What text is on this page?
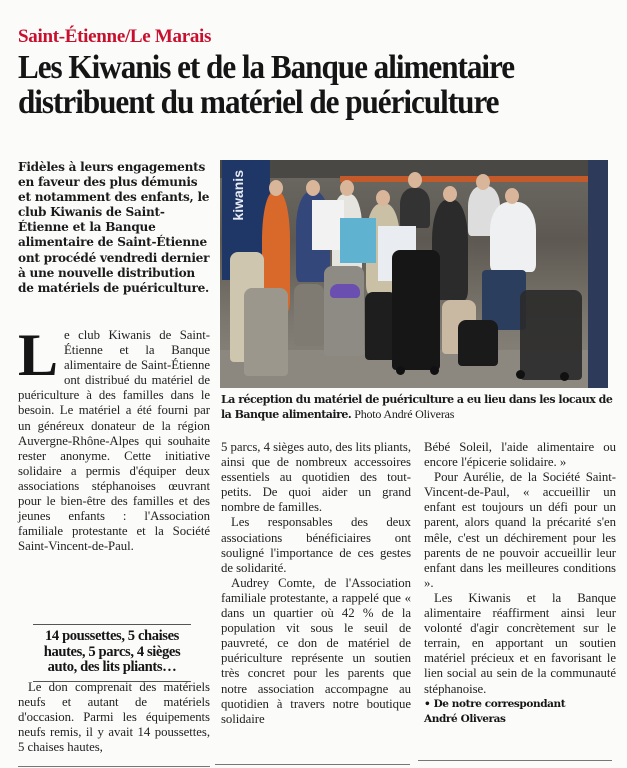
Saint-Étienne/Le Marais
Les Kiwanis et de la Banque alimentaire
distribuent du matériel de puériculture
Fidèles à leurs engagements en faveur des plus démunis et notamment des enfants, le club Kiwanis de Saint-Étienne et la Banque alimentaire de Saint-Étienne ont procédé vendredi dernier à une nouvelle distribution de matériels de puériculture.
L e club Kiwanis de Saint-Étienne et la Banque alimentaire de Saint-Étienne ont distribué du matériel de puériculture à des familles dans le besoin. Le matériel a été fourni par un généreux donateur de la région Auvergne-Rhône-Alpes qui souhaite rester anonyme. Cette initiative solidaire a permis d'équiper deux associations stéphanoises œuvrant pour le bien-être des familles et des jeunes enfants : l'Association familiale protestante et la Société Saint-Vincent-de-Paul.

14 poussettes, 5 chaises hautes, 5 parcs, 4 sièges auto, des lits pliants…

Le don comprenait des matériels neufs et autant de matériels d'occasion. Parmi les équipements neufs remis, il y avait 14 poussettes, 5 chaises hautes,

kiwanis
La réception du matériel de puériculture a eu lieu dans les locaux de la Banque alimentaire. Photo André Oliveras

5 parcs, 4 sièges auto, des lits pliants, ainsi que de nombreux accessoires essentiels au quotidien des tout-petits. De quoi aider un grand nombre de familles.

Les responsables des deux associations bénéficiaires ont souligné l'importance de ces gestes de solidarité.

Audrey Comte, de l'Association familiale protestante, a rappelé que « dans un quartier où 42 % de la population vit sous le seuil de pauvreté, ce don de matériel de puériculture représente un soutien très concret pour les parents que notre association accompagne au quotidien à travers notre boutique solidaire

Bébé Soleil, l'aide alimentaire ou encore l'épicerie solidaire. »

Pour Aurélie, de la Société Saint-Vincent-de-Paul, « accueillir un enfant est toujours un défi pour un parent, alors quand la précarité s'en mêle, c'est un déchirement pour les parents de ne pouvoir accueillir leur enfant dans les meilleures conditions ».

Les Kiwanis et la Banque alimentaire réaffirment ainsi leur volonté d'agir concrètement sur le terrain, en apportant un soutien matériel précieux et en favorisant le lien social au sein de la communauté stéphanoise.

• De notre correspondant
André Oliveras
